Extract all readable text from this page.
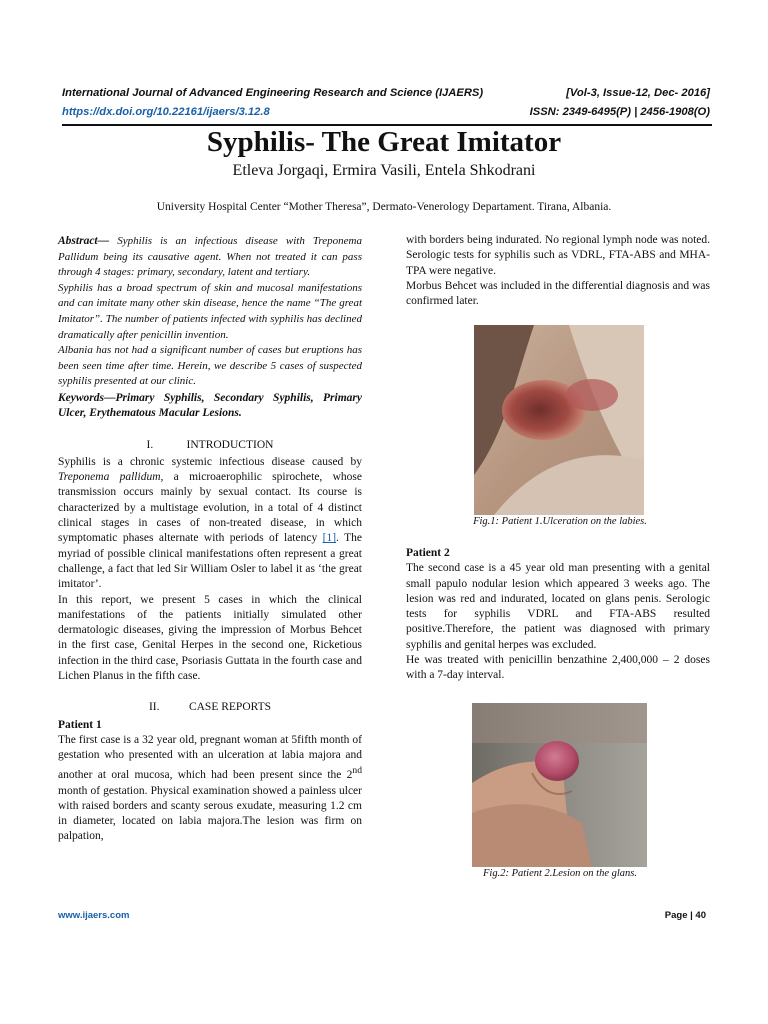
International Journal of Advanced Engineering Research and Science (IJAERS)	[Vol-3, Issue-12, Dec- 2016]
https://dx.doi.org/10.22161/ijaers/3.12.8	ISSN: 2349-6495(P) | 2456-1908(O)
Syphilis- The Great Imitator
Etleva Jorgaqi, Ermira Vasili, Entela Shkodrani
University Hospital Center “Mother Theresa”, Dermato-Venerology Departament. Tirana, Albania.

Abstract— Syphilis is an infectious disease with Treponema Pallidum being its causative agent. When not treated it can pass through 4 stages: primary, secondary, latent and tertiary.

Syphilis has a broad spectrum of skin and mucosal manifestations and can imitate many other skin disease, hence the name “The great Imitator”. The number of patients infected with syphilis has declined dramatically after penicillin invention.

Albania has not had a significant number of cases but eruptions has been seen time after time. Herein, we describe 5 cases of suspected syphilis presented at our clinic.

Keywords—Primary Syphilis, Secondary Syphilis, Primary Ulcer, Erythematous Macular Lesions.

I.	INTRODUCTION

Syphilis is a chronic systemic infectious disease caused by Treponema pallidum, a microaerophilic spirochete, whose transmission occurs mainly by sexual contact. Its course is characterized by a multistage evolution, in a total of 4 distinct clinical stages in cases of non-treated disease, in which symptomatic phases alternate with periods of latency [1]. The myriad of possible clinical manifestations often represent a great challenge, a fact that led Sir William Osler to label it as ‘the great imitator’.

In this report, we present 5 cases in which the clinical manifestations of the patients initially simulated other dermatologic diseases, giving the impression of Morbus Behcet in the first case, Genital Herpes in the second one, Ricketious infection in the third case, Psoriasis Guttata in the fourth case and Lichen Planus in the fifth case.

II.	CASE REPORTS

Patient 1

The first case is a 32 year old, pregnant woman at 5fifth month of gestation who presented with an ulceration at labia majora and another at oral mucosa, which had been present since the 2nd month of gestation. Physical examination showed a painless ulcer with raised borders and scanty serous exudate, measuring 1.2 cm in diameter, located on labia majora.The lesion was firm on palpation,

with borders being indurated. No regional lymph node was noted. Serologic tests for syphilis such as VDRL, FTA-ABS and MHA-TPA were negative.

Morbus Behcet was included in the differential diagnosis and was confirmed later.

Fig.1: Patient 1.Ulceration on the labies.

Patient 2

The second case is a 45 year old man presenting with a genital small papulo nodular lesion which appeared 3 weeks ago. The lesion was red and indurated, located on glans penis. Serologic tests for syphilis VDRL and FTA-ABS resulted positive.Therefore, the patient was diagnosed with primary syphilis and genital herpes was excluded.

He was treated with penicillin benzathine 2,400,000 – 2 doses with a 7-day interval.

Fig.2: Patient 2.Lesion on the glans.
www.ijaers.com	Page | 40
